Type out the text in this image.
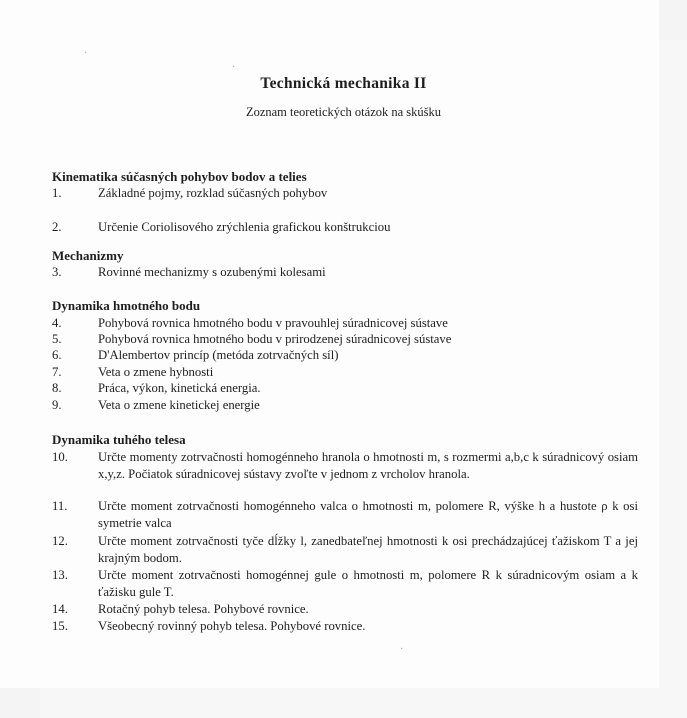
·
·
·
Technická mechanika II

Zoznam teoretických otázok na skúšku

Kinematika súčasných pohybov bodov a telies

1.	Základné pojmy, rozklad súčasných pohybov
2.	Určenie Coriolisového zrýchlenia grafickou konštrukciou

Mechanizmy

3.	Rovinné mechanizmy s ozubenými kolesami

Dynamika hmotného bodu

4.	Pohybová rovnica hmotného bodu v pravouhlej súradnicovej sústave
5.	Pohybová rovnica hmotného bodu v prirodzenej súradnicovej sústave
6.	D'Alembertov princíp (metóda zotrvačných síl)
7.	Veta o zmene hybnosti
8.	Práca, výkon, kinetická energia.
9.	Veta o zmene kinetickej energie

Dynamika tuhého telesa

10. Určte momenty zotrvačnosti homogénneho hranola o hmotnosti m, s rozmermi a,b,c k súradnicový osiam x,y,z. Počiatok súradnicovej sústavy zvoľte v jednom z vrcholov hranola.
11. Určte moment zotrvačnosti homogénneho valca o hmotnosti m, polomere R, výške h a hustote ρ k osi symetrie valca
12. Určte moment zotrvačnosti tyče dĺžky l, zanedbateľnej hmotnosti k osi prechádzajúcej ťažiskom T a jej krajným bodom.
13. Určte moment zotrvačnosti homogénnej gule o hmotnosti m, polomere R k súradnicovým osiam a k ťažisku gule T.
14. Rotačný pohyb telesa. Pohybové rovnice.
15. Všeobecný rovinný pohyb telesa. Pohybové rovnice.
